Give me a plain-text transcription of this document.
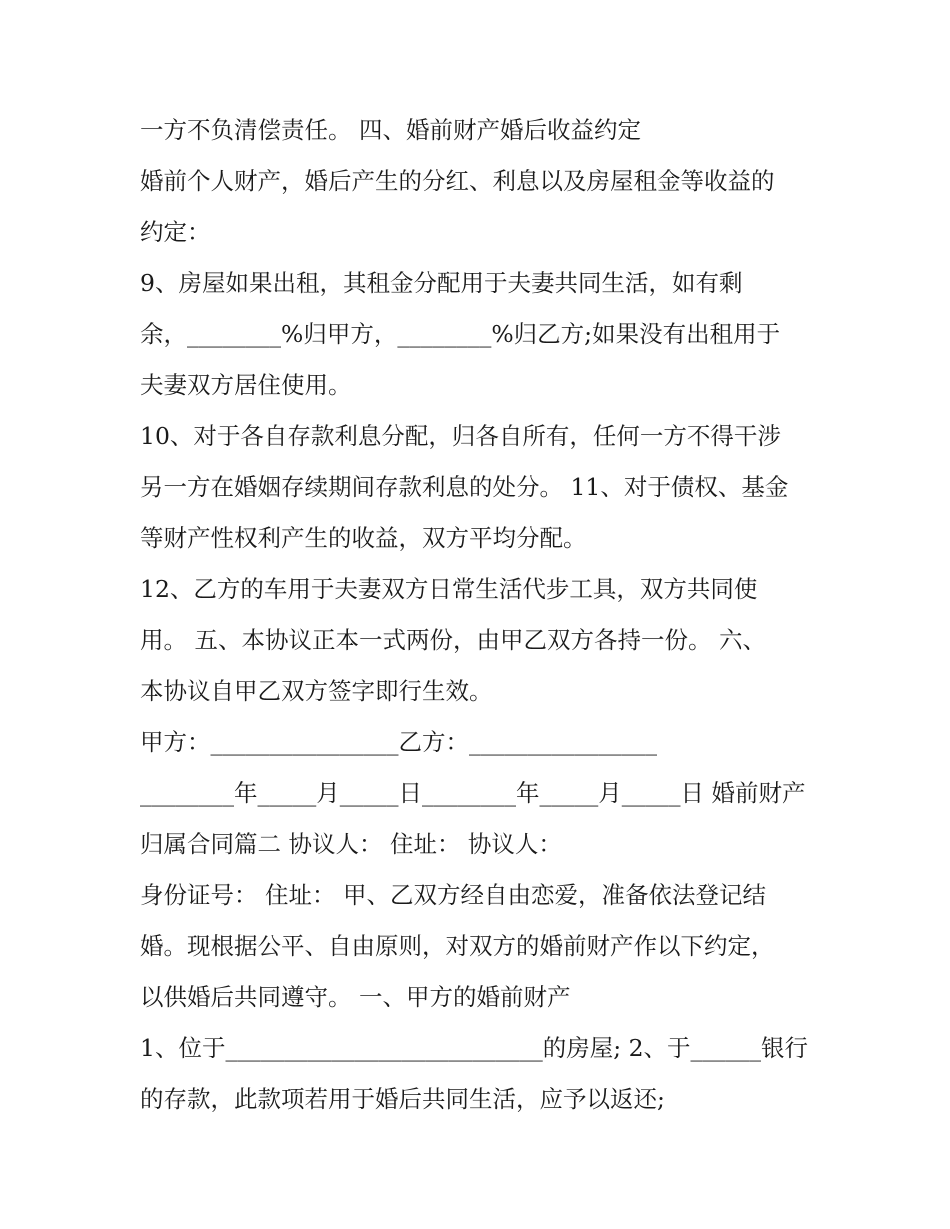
一方不负清偿责任。 四、婚前财产婚后收益约定
婚前个人财产，婚后产生的分红、利息以及房屋租金等收益的
约定：
9、房屋如果出租，其租金分配用于夫妻共同生活，如有剩
余，________%归甲方，________%归乙方;如果没有出租用于
夫妻双方居住使用。
10、对于各自存款利息分配，归各自所有，任何一方不得干涉
另一方在婚姻存续期间存款利息的处分。 11、对于债权、基金
等财产性权利产生的收益，双方平均分配。
12、乙方的车用于夫妻双方日常生活代步工具，双方共同使
用。 五、本协议正本一式两份，由甲乙双方各持一份。 六、
本协议自甲乙双方签字即行生效。
甲方：________________乙方：________________
________年_____月_____日________年_____月_____日 婚前财产
归属合同篇二 协议人： 住址： 协议人：
身份证号： 住址： 甲、乙双方经自由恋爱，准备依法登记结
婚。现根据公平、自由原则，对双方的婚前财产作以下约定，
以供婚后共同遵守。 一、甲方的婚前财产
1、位于___________________________的房屋; 2、于______银行
的存款，此款项若用于婚后共同生活，应予以返还;
